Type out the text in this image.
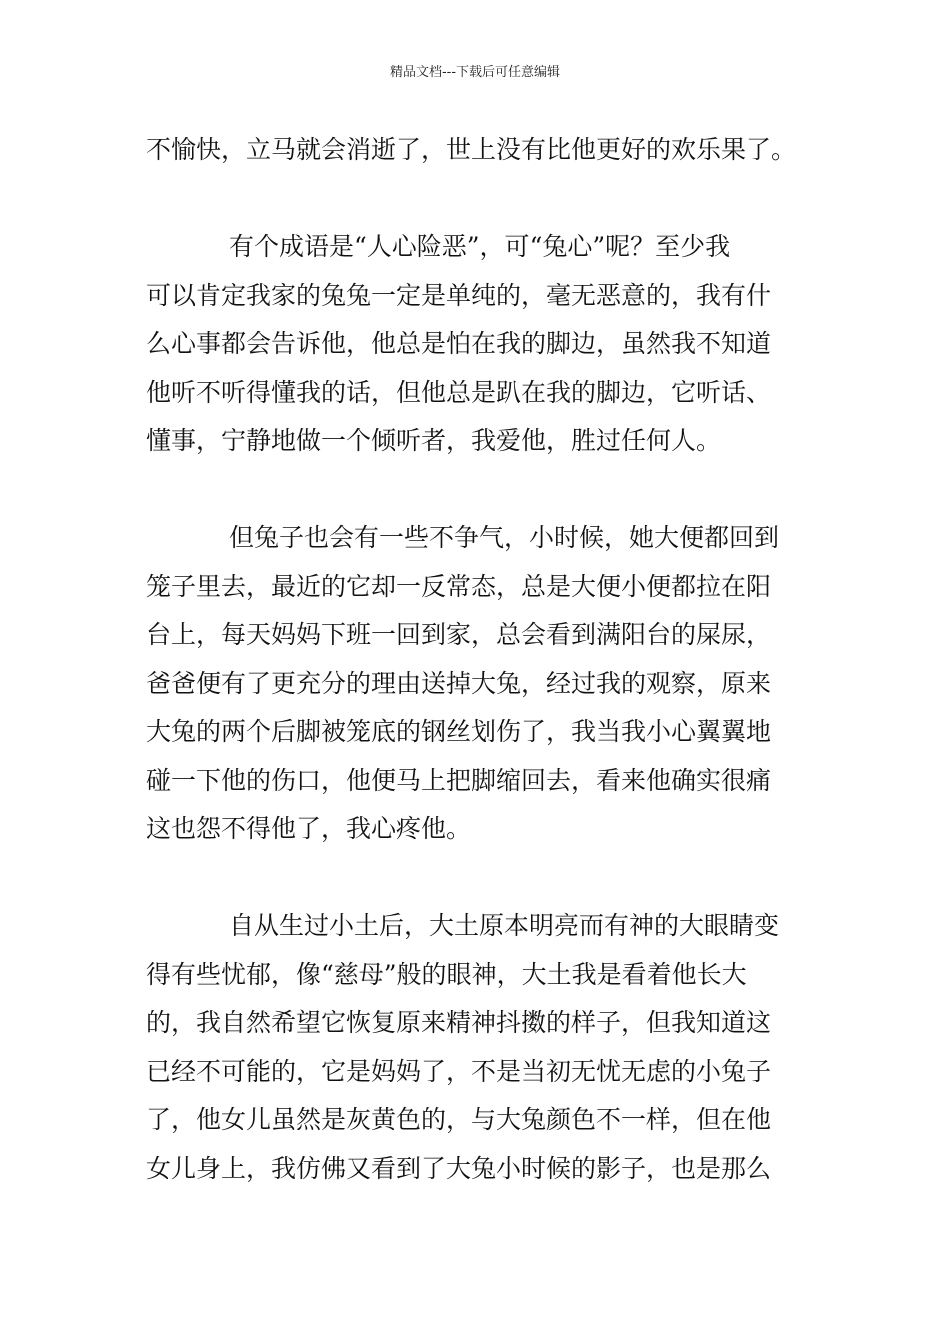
精品文档---下载后可任意编辑
不愉快，立马就会消逝了，世上没有比他更好的欢乐果了。
有个成语是“人心险恶”，可“兔心”呢？至少我
可以肯定我家的兔兔一定是单纯的，毫无恶意的，我有什
么心事都会告诉他，他总是怕在我的脚边，虽然我不知道
他听不听得懂我的话，但他总是趴在我的脚边，它听话、
懂事，宁静地做一个倾听者，我爱他，胜过任何人。
但兔子也会有一些不争气，小时候，她大便都回到
笼子里去，最近的它却一反常态，总是大便小便都拉在阳
台上，每天妈妈下班一回到家，总会看到满阳台的屎尿，
爸爸便有了更充分的理由送掉大兔，经过我的观察，原来
大兔的两个后脚被笼底的钢丝划伤了，我当我小心翼翼地
碰一下他的伤口，他便马上把脚缩回去，看来他确实很痛
这也怨不得他了，我心疼他。
自从生过小土后，大土原本明亮而有神的大眼睛变
得有些忧郁，像“慈母”般的眼神，大土我是看着他长大
的，我自然希望它恢复原来精神抖擞的样子，但我知道这
已经不可能的，它是妈妈了，不是当初无忧无虑的小兔子
了，他女儿虽然是灰黄色的，与大兔颜色不一样，但在他
女儿身上，我仿佛又看到了大兔小时候的影子，也是那么
